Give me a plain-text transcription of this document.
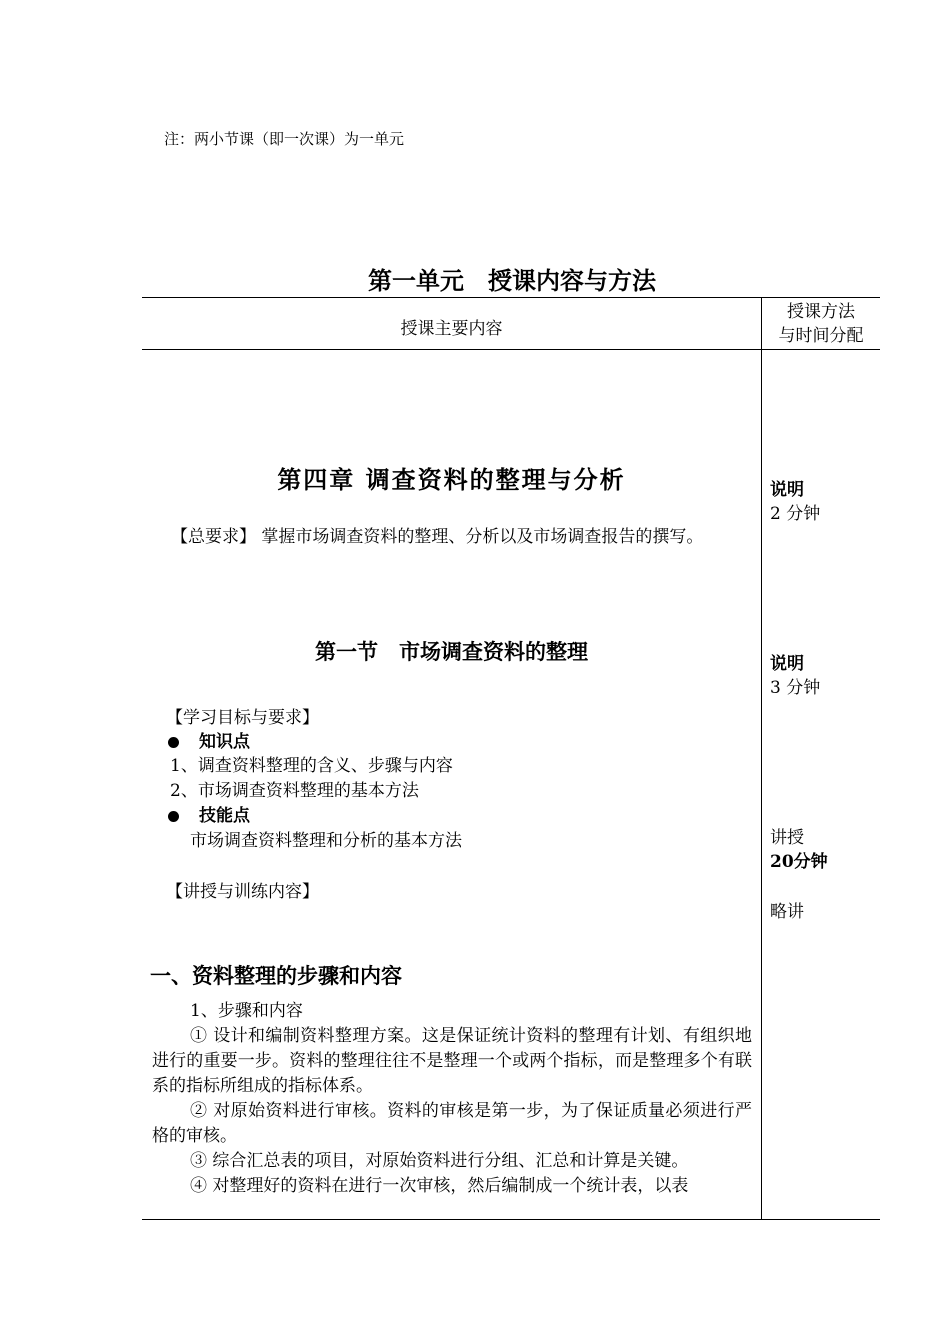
注：两小节课（即一次课）为一单元
第一单元　授课内容与方法
授课主要内容
授课方法
与时间分配
第四章 调查资料的整理与分析
【总要求】 掌握市场调查资料的整理、分析以及市场调查报告的撰写。
第一节　市场调查资料的整理
【学习目标与要求】
知识点
1、调查资料整理的含义、步骤与内容
2、市场调查资料整理的基本方法
技能点
市场调查资料整理和分析的基本方法
【讲授与训练内容】
一、资料整理的步骤和内容

1、步骤和内容

① 设计和编制资料整理方案。这是保证统计资料的整理有计划、有组织地进行的重要一步。资料的整理往往不是整理一个或两个指标，而是整理多个有联系的指标所组成的指标体系。

② 对原始资料进行审核。资料的审核是第一步，为了保证质量必须进行严格的审核。

③ 综合汇总表的项目，对原始资料进行分组、汇总和计算是关键。

④ 对整理好的资料在进行一次审核，然后编制成一个统计表，以表

说明
2 分钟
说明
3 分钟
讲授
20分钟
略讲
